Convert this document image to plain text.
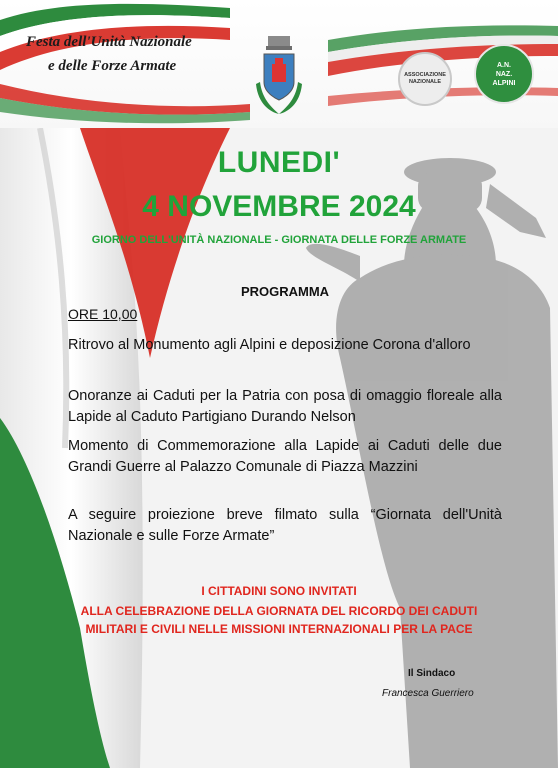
Festa dell'Unità Nazionale
e delle Forze Armate
ASSOCIAZIONE NAZIONALE
A.N.
NAZ.
ALPINI
LUNEDI'
4 NOVEMBRE 2024
GIORNO DELL'UNITÀ NAZIONALE - GIORNATA DELLE FORZE ARMATE
PROGRAMMA
ORE 10,00
Ritrovo al Monumento agli Alpini e deposizione Corona d'alloro
Onoranze ai Caduti per la Patria con posa di omaggio floreale alla Lapide al Caduto Partigiano Durando Nelson
Momento di Commemorazione alla Lapide ai Caduti delle due Grandi Guerre al Palazzo Comunale di Piazza Mazzini
A seguire proiezione breve filmato sulla “Giornata dell'Unità Nazionale e sulle Forze Armate”
I CITTADINI SONO INVITATI
ALLA CELEBRAZIONE DELLA GIORNATA DEL RICORDO DEI CADUTI
MILITARI E CIVILI NELLE MISSIONI INTERNAZIONALI PER LA PACE
Il Sindaco
Francesca Guerriero
